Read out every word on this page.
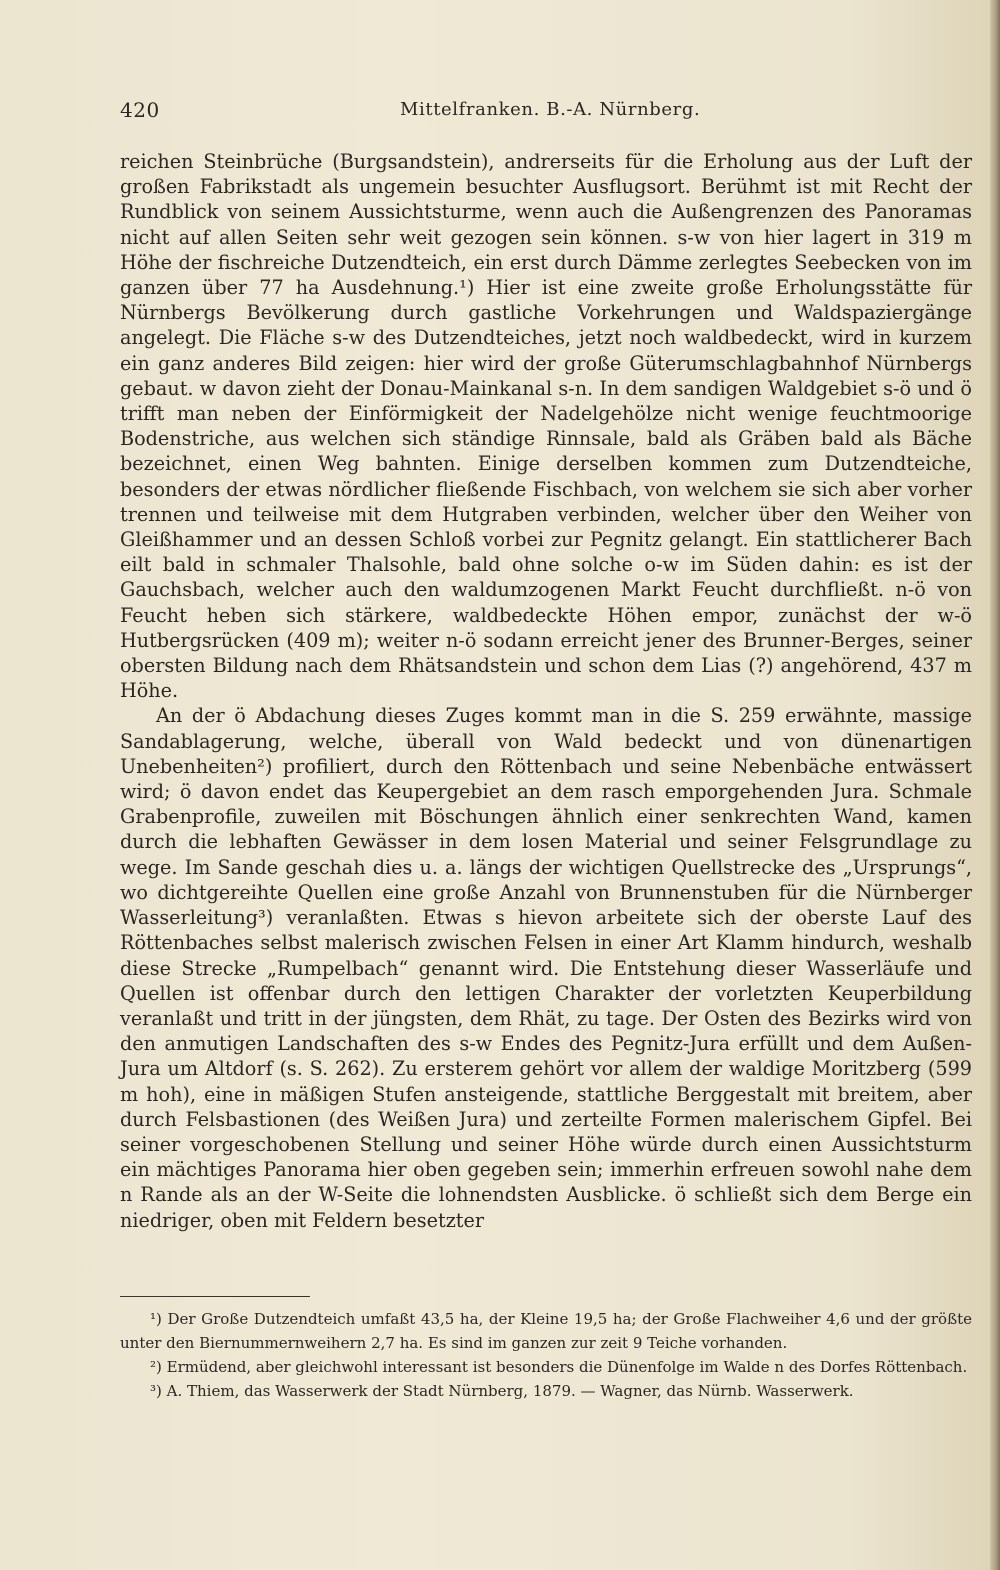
420	Mittelfranken. B.-A. Nürnberg.

reichen Steinbrüche (Burgsandstein), andrerseits für die Erholung aus der Luft der großen Fabrikstadt als ungemein besuchter Ausflugsort. Berühmt ist mit Recht der Rundblick von seinem Aussichtsturme, wenn auch die Außengrenzen des Panoramas nicht auf allen Seiten sehr weit gezogen sein können. s-w von hier lagert in 319 m Höhe der fischreiche Dutzendteich, ein erst durch Dämme zerlegtes Seebecken von im ganzen über 77 ha Ausdehnung.¹) Hier ist eine zweite große Erholungsstätte für Nürnbergs Bevölkerung durch gastliche Vorkehrungen und Waldspaziergänge angelegt. Die Fläche s-w des Dutzendteiches, jetzt noch waldbedeckt, wird in kurzem ein ganz anderes Bild zeigen: hier wird der große Güterumschlagbahnhof Nürnbergs gebaut. w davon zieht der Donau-Mainkanal s-n. In dem sandigen Waldgebiet s-ö und ö trifft man neben der Einförmigkeit der Nadelgehölze nicht wenige feuchtmoorige Bodenstriche, aus welchen sich ständige Rinnsale, bald als Gräben bald als Bäche bezeichnet, einen Weg bahnten. Einige derselben kommen zum Dutzendteiche, besonders der etwas nördlicher fließende Fischbach, von welchem sie sich aber vorher trennen und teilweise mit dem Hutgraben verbinden, welcher über den Weiher von Gleißhammer und an dessen Schloß vorbei zur Pegnitz gelangt. Ein stattlicherer Bach eilt bald in schmaler Thalsohle, bald ohne solche o-w im Süden dahin: es ist der Gauchsbach, welcher auch den waldumzogenen Markt Feucht durchfließt. n-ö von Feucht heben sich stärkere, waldbedeckte Höhen empor, zunächst der w-ö Hutbergsrücken (409 m); weiter n-ö sodann erreicht jener des Brunner-Berges, seiner obersten Bildung nach dem Rhätsandstein und schon dem Lias (?) angehörend, 437 m Höhe.

An der ö Abdachung dieses Zuges kommt man in die S. 259 erwähnte, massige Sandablagerung, welche, überall von Wald bedeckt und von dünenartigen Unebenheiten²) profiliert, durch den Röttenbach und seine Nebenbäche entwässert wird; ö davon endet das Keupergebiet an dem rasch emporgehenden Jura. Schmale Grabenprofile, zuweilen mit Böschungen ähnlich einer senkrechten Wand, kamen durch die lebhaften Gewässer in dem losen Material und seiner Felsgrundlage zu wege. Im Sande geschah dies u. a. längs der wichtigen Quellstrecke des „Ursprungs“, wo dichtgereihte Quellen eine große Anzahl von Brunnenstuben für die Nürnberger Wasserleitung³) veranlaßten. Etwas s hievon arbeitete sich der oberste Lauf des Röttenbaches selbst malerisch zwischen Felsen in einer Art Klamm hindurch, weshalb diese Strecke „Rumpelbach“ genannt wird. Die Entstehung dieser Wasserläufe und Quellen ist offenbar durch den lettigen Charakter der vorletzten Keuperbildung veranlaßt und tritt in der jüngsten, dem Rhät, zu tage. Der Osten des Bezirks wird von den anmutigen Landschaften des s-w Endes des Pegnitz-Jura erfüllt und dem Außen-Jura um Altdorf (s. S. 262). Zu ersterem gehört vor allem der waldige Moritzberg (599 m hoh), eine in mäßigen Stufen ansteigende, stattliche Berggestalt mit breitem, aber durch Felsbastionen (des Weißen Jura) und zerteilte Formen malerischem Gipfel. Bei seiner vorgeschobenen Stellung und seiner Höhe würde durch einen Aussichtsturm ein mächtiges Panorama hier oben gegeben sein; immerhin erfreuen sowohl nahe dem n Rande als an der W-Seite die lohnendsten Ausblicke. ö schließt sich dem Berge ein niedriger, oben mit Feldern besetzter

¹) Der Große Dutzendteich umfaßt 43,5 ha, der Kleine 19,5 ha; der Große Flachweiher 4,6 und der größte unter den Biernummernweihern 2,7 ha. Es sind im ganzen zur zeit 9 Teiche vorhanden.

²) Ermüdend, aber gleichwohl interessant ist besonders die Dünenfolge im Walde n des Dorfes Röttenbach.

³) A. Thiem, das Wasserwerk der Stadt Nürnberg, 1879. — Wagner, das Nürnb. Wasserwerk.
